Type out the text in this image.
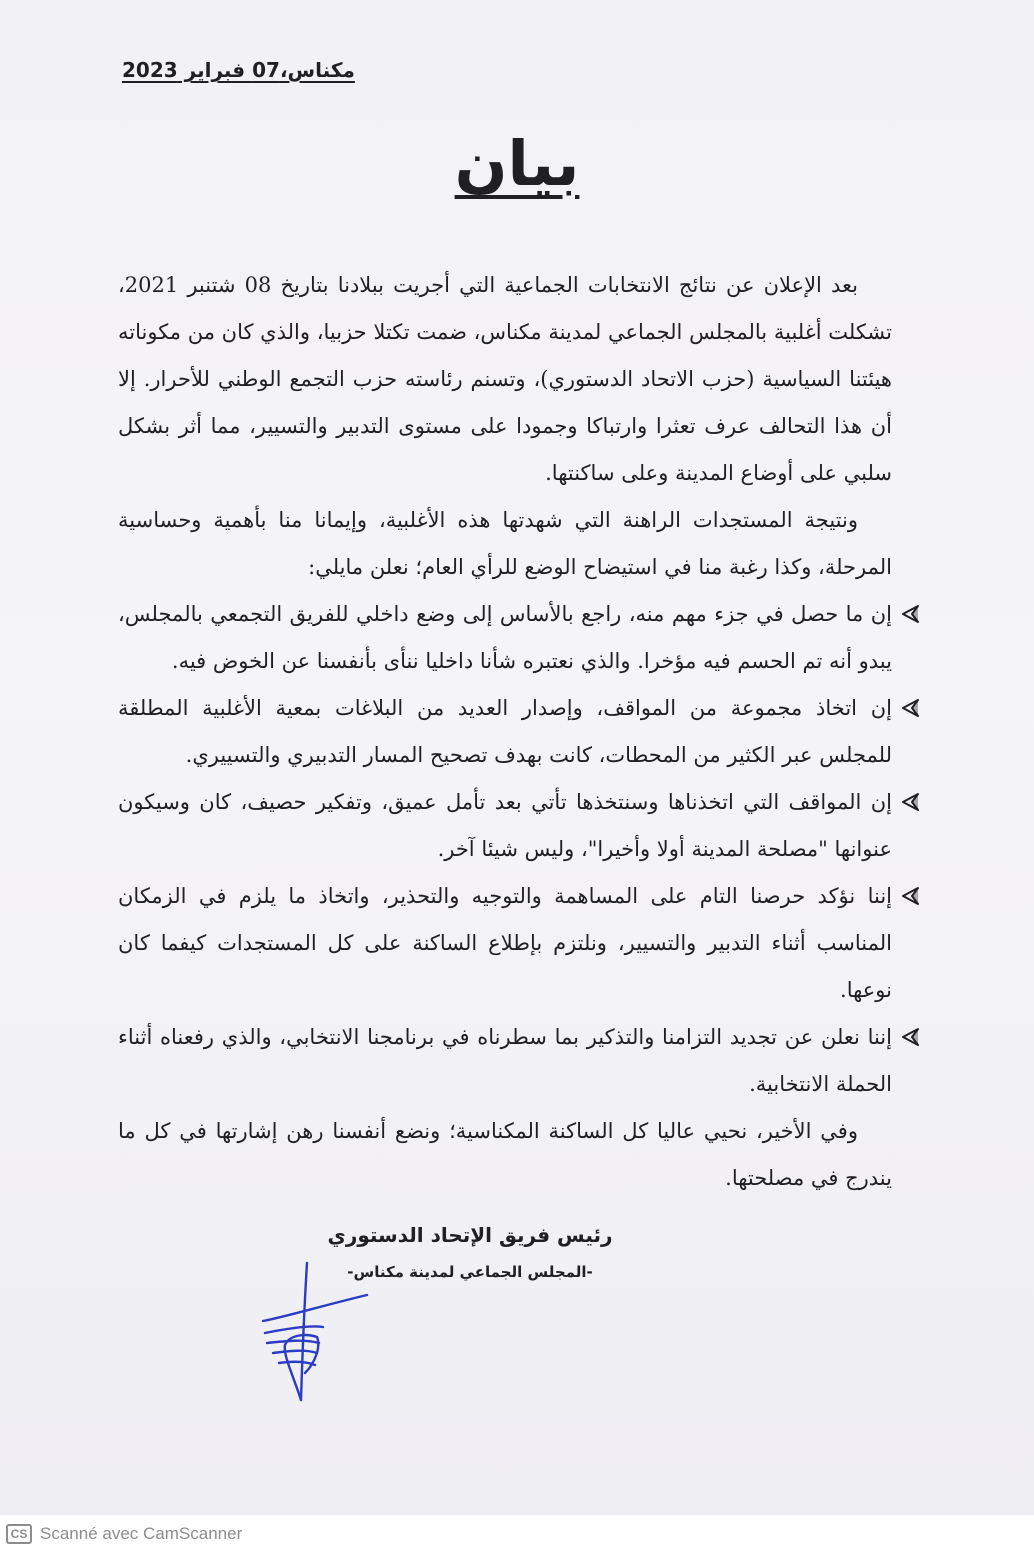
مكناس،07 فبراير 2023
بيان

بعد الإعلان عن نتائج الانتخابات الجماعية التي أجريت ببلادنا بتاريخ 08 شتنبر 2021، تشكلت أغلبية بالمجلس الجماعي لمدينة مكناس، ضمت تكتلا حزبيا، والذي كان من مكوناته هيئتنا السياسية (حزب الاتحاد الدستوري)، وتسنم رئاسته حزب التجمع الوطني للأحرار. إلا أن هذا التحالف عرف تعثرا وارتباكا وجمودا على مستوى التدبير والتسيير، مما أثر بشكل سلبي على أوضاع المدينة وعلى ساكنتها.

ونتيجة المستجدات الراهنة التي شهدتها هذه الأغلبية، وإيمانا منا بأهمية وحساسية المرحلة، وكذا رغبة منا في استيضاح الوضع للرأي العام؛ نعلن مايلي:

إن ما حصل في جزء مهم منه، راجع بالأساس إلى وضع داخلي للفريق التجمعي بالمجلس، يبدو أنه تم الحسم فيه مؤخرا. والذي نعتبره شأنا داخليا ننأى بأنفسنا عن الخوض فيه.
إن اتخاذ مجموعة من المواقف، وإصدار العديد من البلاغات بمعية الأغلبية المطلقة للمجلس عبر الكثير من المحطات، كانت بهدف تصحيح المسار التدبيري والتسييري.
إن المواقف التي اتخذناها وسنتخذها تأتي بعد تأمل عميق، وتفكير حصيف، كان وسيكون عنوانها "مصلحة المدينة أولا وأخيرا"، وليس شيئا آخر.
إننا نؤكد حرصنا التام على المساهمة والتوجيه والتحذير، واتخاذ ما يلزم في الزمكان المناسب أثناء التدبير والتسيير، ونلتزم بإطلاع الساكنة على كل المستجدات كيفما كان نوعها.
إننا نعلن عن تجديد التزامنا والتذكير بما سطرناه في برنامجنا الانتخابي، والذي رفعناه أثناء الحملة الانتخابية.

وفي الأخير، نحيي عاليا كل الساكنة المكناسية؛ ونضع أنفسنا رهن إشارتها في كل ما يندرج في مصلحتها.

رئيس فريق الإتحاد الدستوري
-المجلس الجماعي لمدينة مكناس-
CS Scanné avec CamScanner
